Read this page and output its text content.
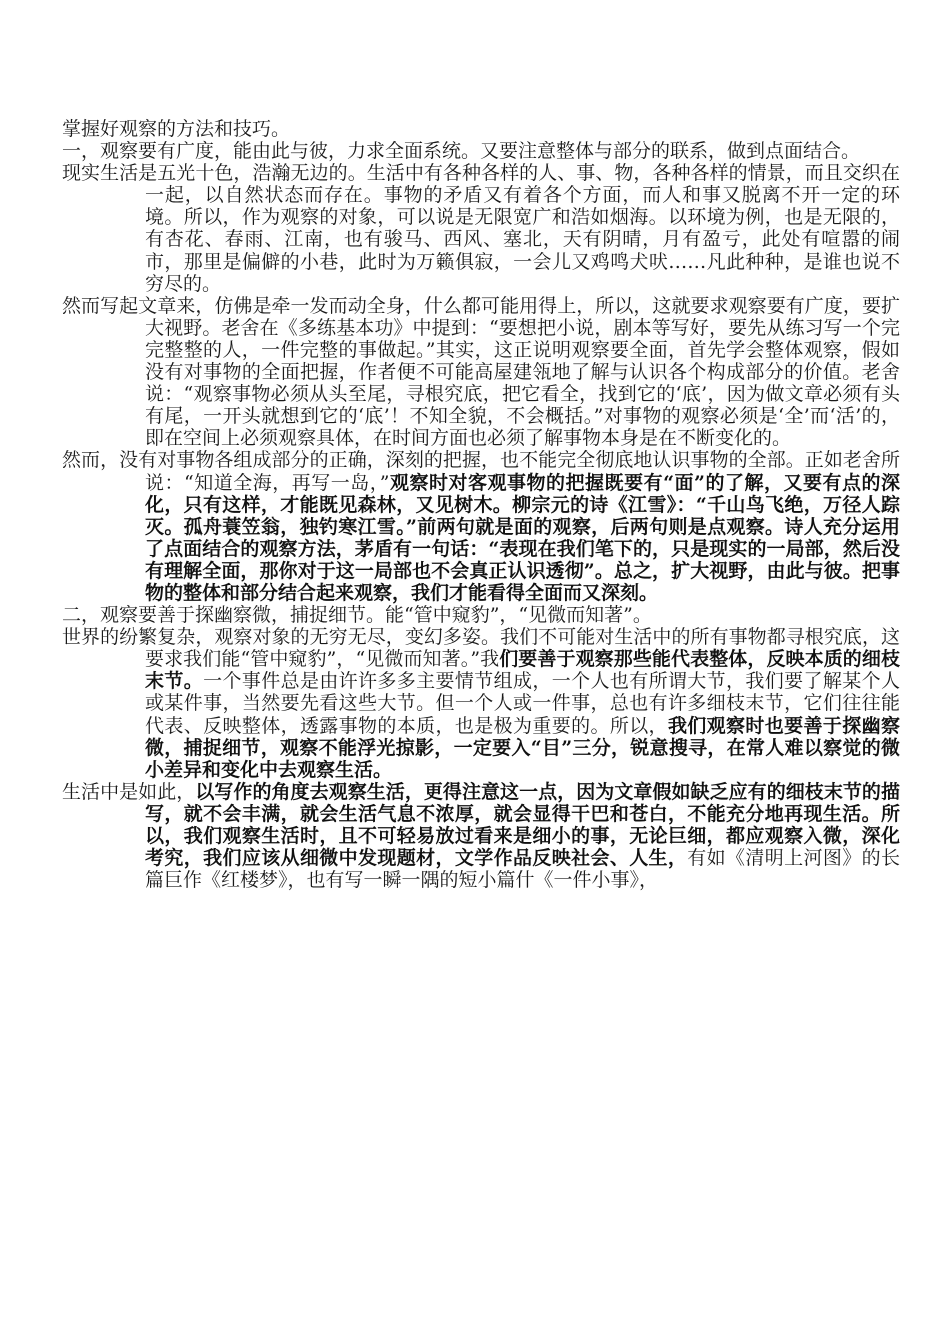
掌握好观察的方法和技巧。

一，观察要有广度，能由此与彼，力求全面系统。又要注意整体与部分的联系，做到点面结合。

现实生活是五光十色，浩瀚无边的。生活中有各种各样的人、事、物，各种各样的情景，而且交织在一起，以自然状态而存在。事物的矛盾又有着各个方面，而人和事又脱离不开一定的环境。所以，作为观察的对象，可以说是无限宽广和浩如烟海。以环境为例，也是无限的，有杏花、春雨、江南，也有骏马、西风、塞北，天有阴晴，月有盈亏，此处有喧嚣的闹市，那里是偏僻的小巷，此时为万籁俱寂，一会儿又鸡鸣犬吠……凡此种种，是谁也说不穷尽的。

然而写起文章来，仿佛是牵一发而动全身，什么都可能用得上，所以，这就要求观察要有广度，要扩大视野。老舍在《多练基本功》中提到：“要想把小说，剧本等写好，要先从练习写一个完完整整的人，一件完整的事做起。”其实，这正说明观察要全面，首先学会整体观察，假如没有对事物的全面把握，作者便不可能高屋建瓴地了解与认识各个构成部分的价值。老舍说：“观察事物必须从头至尾，寻根究底，把它看全，找到它的‘底’，因为做文章必须有头有尾，一开头就想到它的‘底’！不知全貌，不会概括。”对事物的观察必须是‘全’而‘活’的，即在空间上必须观察具体，在时间方面也必须了解事物本身是在不断变化的。

然而，没有对事物各组成部分的正确，深刻的把握，也不能完全彻底地认识事物的全部。正如老舍所说：“知道全海，再写一岛，”观察时对客观事物的把握既要有“面”的了解，又要有点的深化，只有这样，才能既见森林，又见树木。柳宗元的诗《江雪》：“千山鸟飞绝，万径人踪灭。孤舟蓑笠翁，独钓寒江雪。”前两句就是面的观察，后两句则是点观察。诗人充分运用了点面结合的观察方法，茅盾有一句话：“表现在我们笔下的，只是现实的一局部，然后没有理解全面，那你对于这一局部也不会真正认识透彻”。总之，扩大视野，由此与彼。把事物的整体和部分结合起来观察，我们才能看得全面而又深刻。

二，观察要善于探幽察微，捕捉细节。能“管中窥豹”，“见微而知著”。

世界的纷繁复杂，观察对象的无穷无尽，变幻多姿。我们不可能对生活中的所有事物都寻根究底，这要求我们能“管中窥豹”，“见微而知著。”我们要善于观察那些能代表整体，反映本质的细枝末节。一个事件总是由许许多多主要情节组成，一个人也有所谓大节，我们要了解某个人或某件事，当然要先看这些大节。但一个人或一件事，总也有许多细枝末节，它们往往能代表、反映整体，透露事物的本质，也是极为重要的。所以，我们观察时也要善于探幽察微，捕捉细节，观察不能浮光掠影，一定要入“目”三分，锐意搜寻，在常人难以察觉的微小差异和变化中去观察生活。

生活中是如此，以写作的角度去观察生活，更得注意这一点，因为文章假如缺乏应有的细枝末节的描写，就不会丰满，就会生活气息不浓厚，就会显得干巴和苍白，不能充分地再现生活。所以，我们观察生活时，且不可轻易放过看来是细小的事，无论巨细，都应观察入微，深化考究，我们应该从细微中发现题材，文学作品反映社会、人生，有如《清明上河图》的长篇巨作《红楼梦》，也有写一瞬一隅的短小篇什《一件小事》，
